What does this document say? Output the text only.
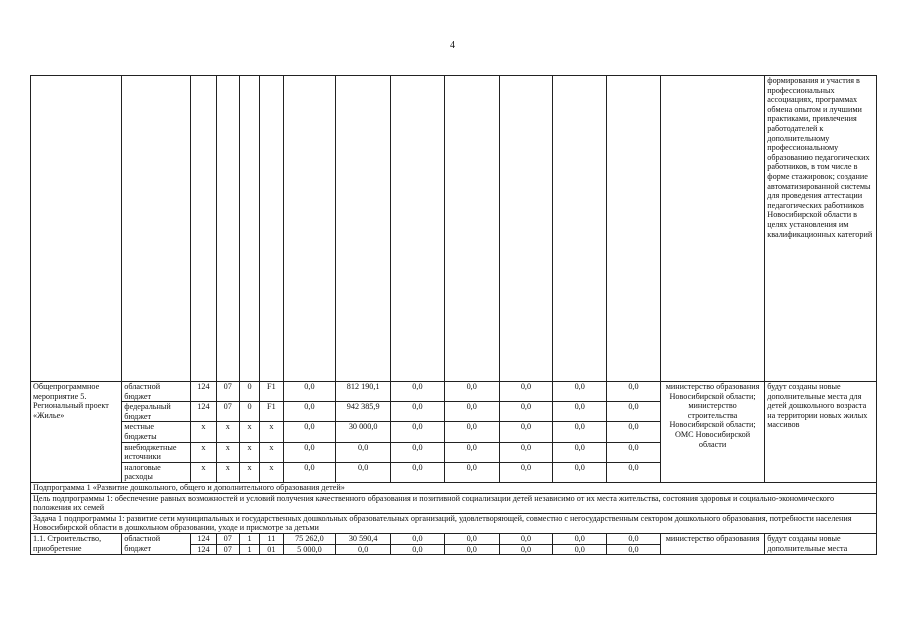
4
														формирования и участия в профессиональных ассоциациях, программах обмена опытом и лучшими практиками, привлечения работодателей к дополнительному профессиональному образованию педагогических работников, в том числе в форме стажировок; создание автоматизированной системы для проведения аттестации педагогических работников Новосибирской области в целях установления им квалификационных категорий
Общепрограммное мероприятие 5. Региональный проект «Жилье»	областной бюджет	124	07	0	F1	0,0	812 190,1	0,0	0,0	0,0	0,0	0,0	министерство образования Новосибирской области; министерство строительства Новосибирской области; ОМС Новосибирской области	будут созданы новые дополнительные места для детей дошкольного возраста на территории новых жилых массивов
	федеральный бюджет	124	07	0	F1	0,0	942 385,9	0,0	0,0	0,0	0,0	0,0		
	местные бюджеты	x	x	x	x	0,0	30 000,0	0,0	0,0	0,0	0,0	0,0		
	внебюджетные источники	x	x	x	x	0,0	0,0	0,0	0,0	0,0	0,0	0,0		
	налоговые расходы	x	x	x	x	0,0	0,0	0,0	0,0	0,0	0,0	0,0		
Подпрограмма 1 «Развитие дошкольного, общего и дополнительного образования детей»														
Цель подпрограммы 1: обеспечение равных возможностей и условий получения качественного образования и позитивной социализации детей независимо от их места жительства, состояния здоровья и социально-экономического положения их семей														
Задача 1 подпрограммы 1: развитие сети муниципальных и государственных дошкольных образовательных организаций, удовлетворяющей, совместно с негосударственным сектором дошкольного образования, потребности населения Новосибирской области в дошкольном образовании, уходе и присмотре за детьми														
1.1. Строительство, приобретение	областной бюджет	124	07	1	11	75 262,0	30 590,4	0,0	0,0	0,0	0,0	0,0	министерство образования	будут созданы новые дополнительные места
		124	07	1	01	5 000,0	0,0	0,0	0,0	0,0	0,0	0,0		
